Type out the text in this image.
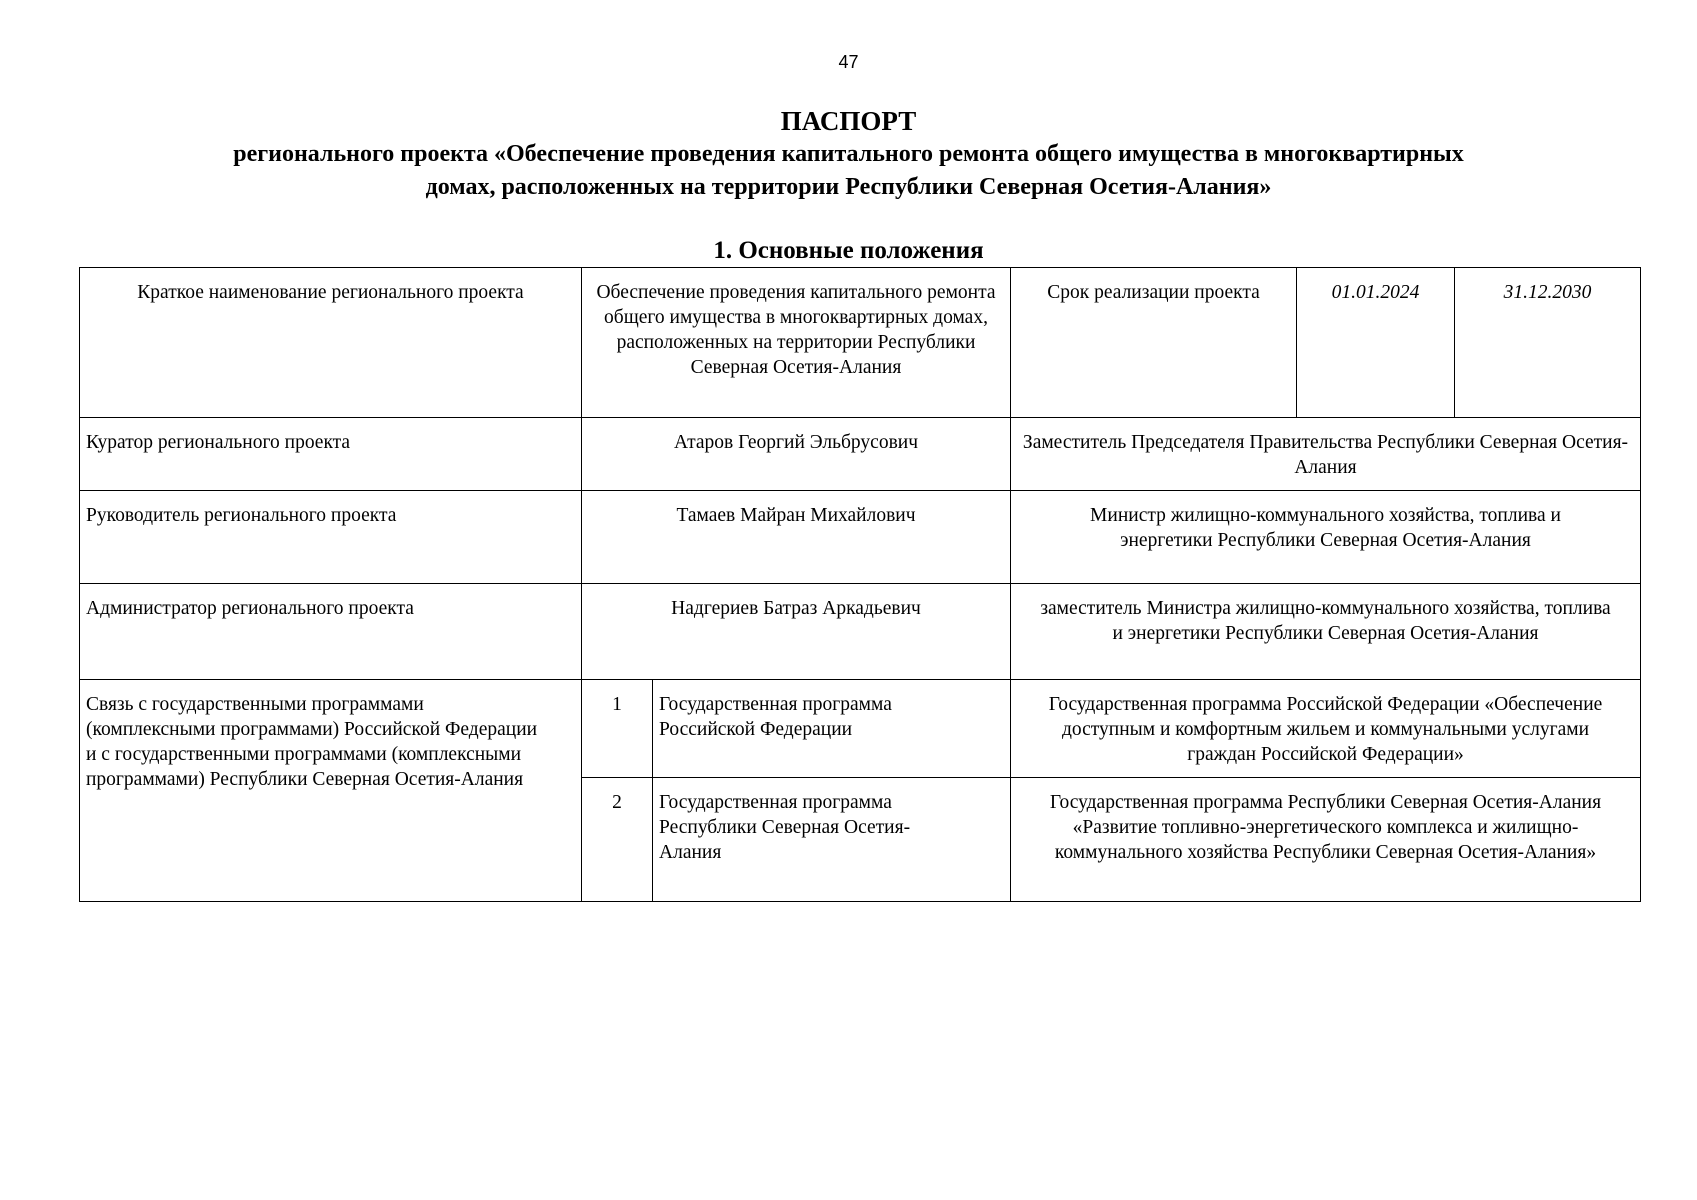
47
ПАСПОРТ
регионального проекта «Обеспечение проведения капитального ремонта общего имущества в многоквартирных
домах, расположенных на территории Республики Северная Осетия-Алания»
1. Основные положения
Краткое наименование регионального проекта	Обеспечение проведения капитального ремонта общего имущества в многоквартирных домах, расположенных на территории Республики Северная Осетия-Алания		Срок реализации проекта	01.01.2024	31.12.2030
Куратор регионального проекта	Атаров Георгий Эльбрусович		Заместитель Председателя Правительства Республики Северная Осетия-Алания		
Руководитель регионального проекта	Тамаев Майран Михайлович		Министр жилищно-коммунального хозяйства, топлива и энергетики Республики Северная Осетия-Алания		
Администратор регионального проекта	Надгериев Батраз Аркадьевич		заместитель Министра жилищно-коммунального хозяйства, топлива и энергетики Республики Северная Осетия-Алания		
Связь с государственными программами (комплексными программами) Российской Федерации и с государственными программами (комплексными программами) Республики Северная Осетия-Алания	1	Государственная программа Российской Федерации	Государственная программа Российской Федерации «Обеспечение доступным и комфортным жильем и коммунальными услугами граждан Российской Федерации»		
	2	Государственная программа Республики Северная Осетия-Алания	Государственная программа Республики Северная Осетия-Алания «Развитие топливно-энергетического комплекса и жилищно-коммунального хозяйства Республики Северная Осетия-Алания»		
